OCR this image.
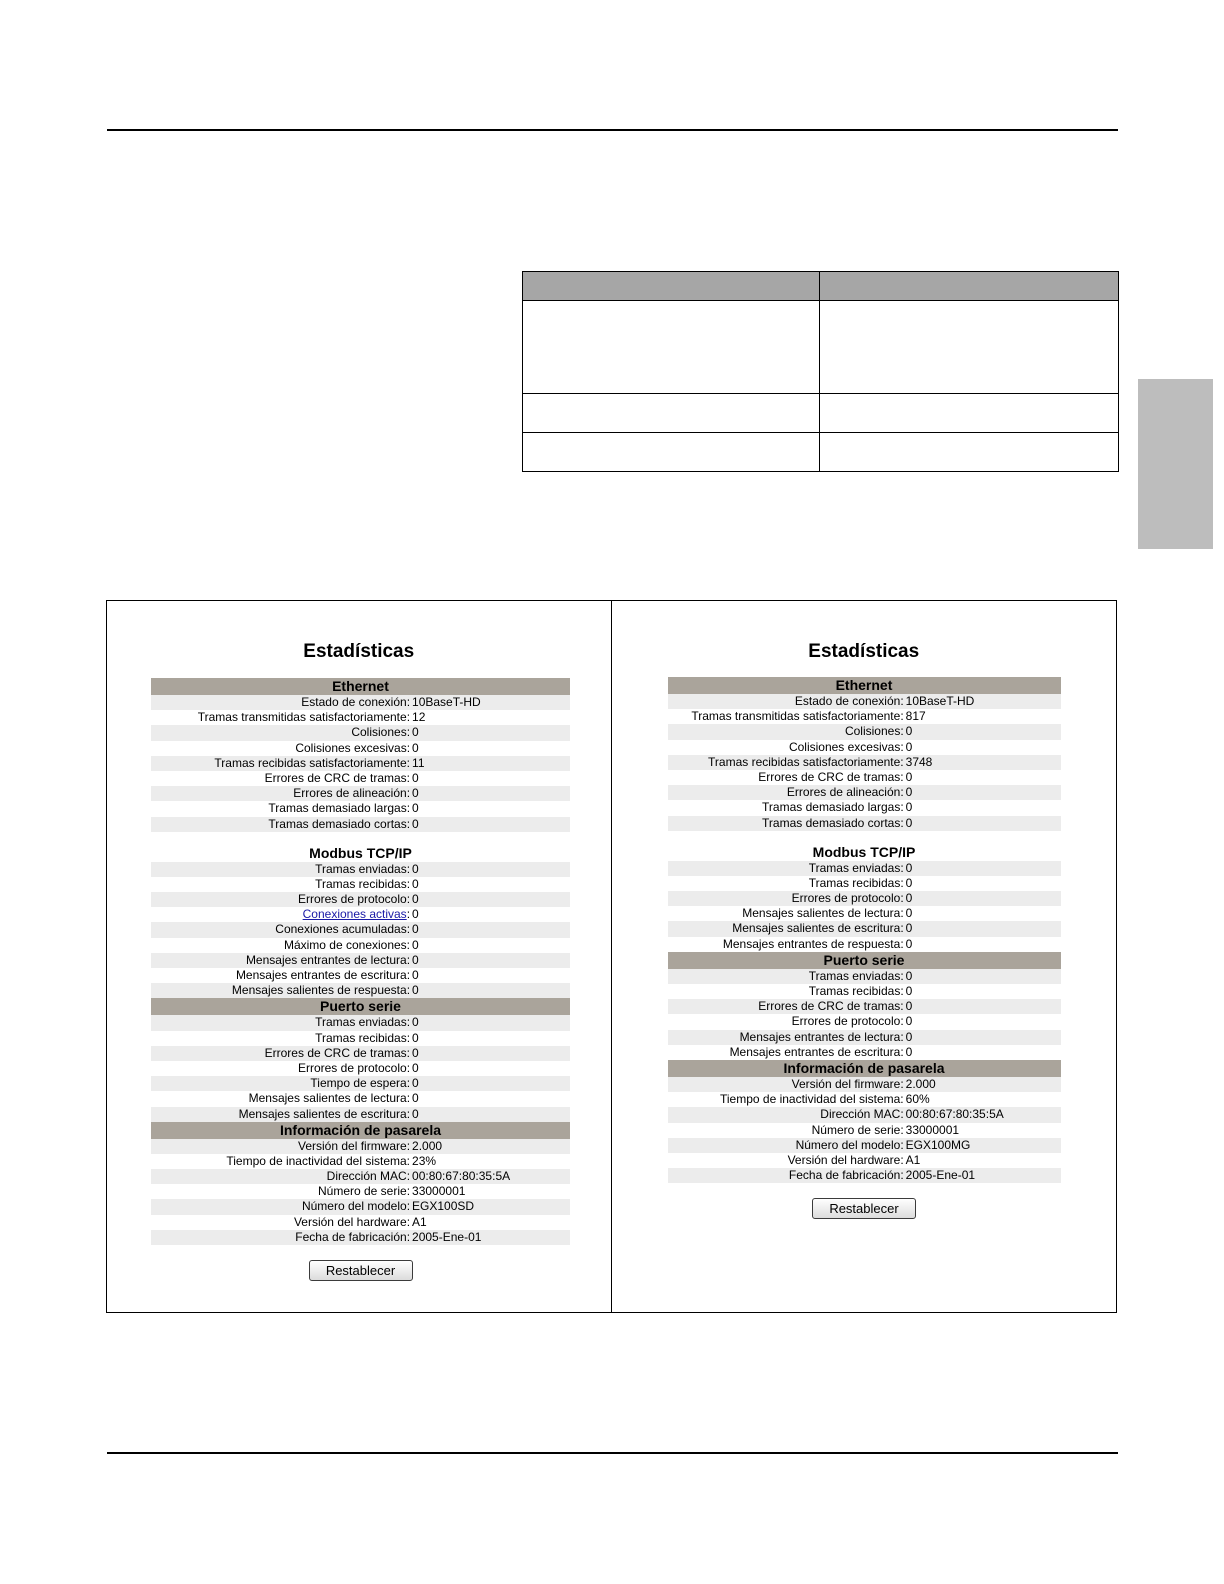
Estadísticas
Ethernet
Estado de conexión: 10BaseT-HD
Tramas transmitidas satisfactoriamente: 12
Colisiones: 0
Colisiones excesivas: 0
Tramas recibidas satisfactoriamente: 11
Errores de CRC de tramas: 0
Errores de alineación: 0
Tramas demasiado largas: 0
Tramas demasiado cortas: 0
Modbus TCP/IP
Tramas enviadas: 0
Tramas recibidas: 0
Errores de protocolo: 0
Conexiones activas: 0
Conexiones acumuladas: 0
Máximo de conexiones: 0
Mensajes entrantes de lectura: 0
Mensajes entrantes de escritura: 0
Mensajes salientes de respuesta: 0
Puerto serie
Tramas enviadas: 0
Tramas recibidas: 0
Errores de CRC de tramas: 0
Errores de protocolo: 0
Tiempo de espera: 0
Mensajes salientes de lectura: 0
Mensajes salientes de escritura: 0
Información de pasarela
Versión del firmware: 2.000
Tiempo de inactividad del sistema: 23%
Dirección MAC: 00:80:67:80:35:5A
Número de serie: 33000001
Número del modelo: EGX100SD
Versión del hardware: A1
Fecha de fabricación: 2005-Ene-01
Restablecer
Estadísticas
Ethernet
Estado de conexión: 10BaseT-HD
Tramas transmitidas satisfactoriamente: 817
Colisiones: 0
Colisiones excesivas: 0
Tramas recibidas satisfactoriamente: 3748
Errores de CRC de tramas: 0
Errores de alineación: 0
Tramas demasiado largas: 0
Tramas demasiado cortas: 0
Modbus TCP/IP
Tramas enviadas: 0
Tramas recibidas: 0
Errores de protocolo: 0
Mensajes salientes de lectura: 0
Mensajes salientes de escritura: 0
Mensajes entrantes de respuesta: 0
Puerto serie
Tramas enviadas: 0
Tramas recibidas: 0
Errores de CRC de tramas: 0
Errores de protocolo: 0
Mensajes entrantes de lectura: 0
Mensajes entrantes de escritura: 0
Información de pasarela
Versión del firmware: 2.000
Tiempo de inactividad del sistema: 60%
Dirección MAC: 00:80:67:80:35:5A
Número de serie: 33000001
Número del modelo: EGX100MG
Versión del hardware: A1
Fecha de fabricación: 2005-Ene-01
Restablecer
